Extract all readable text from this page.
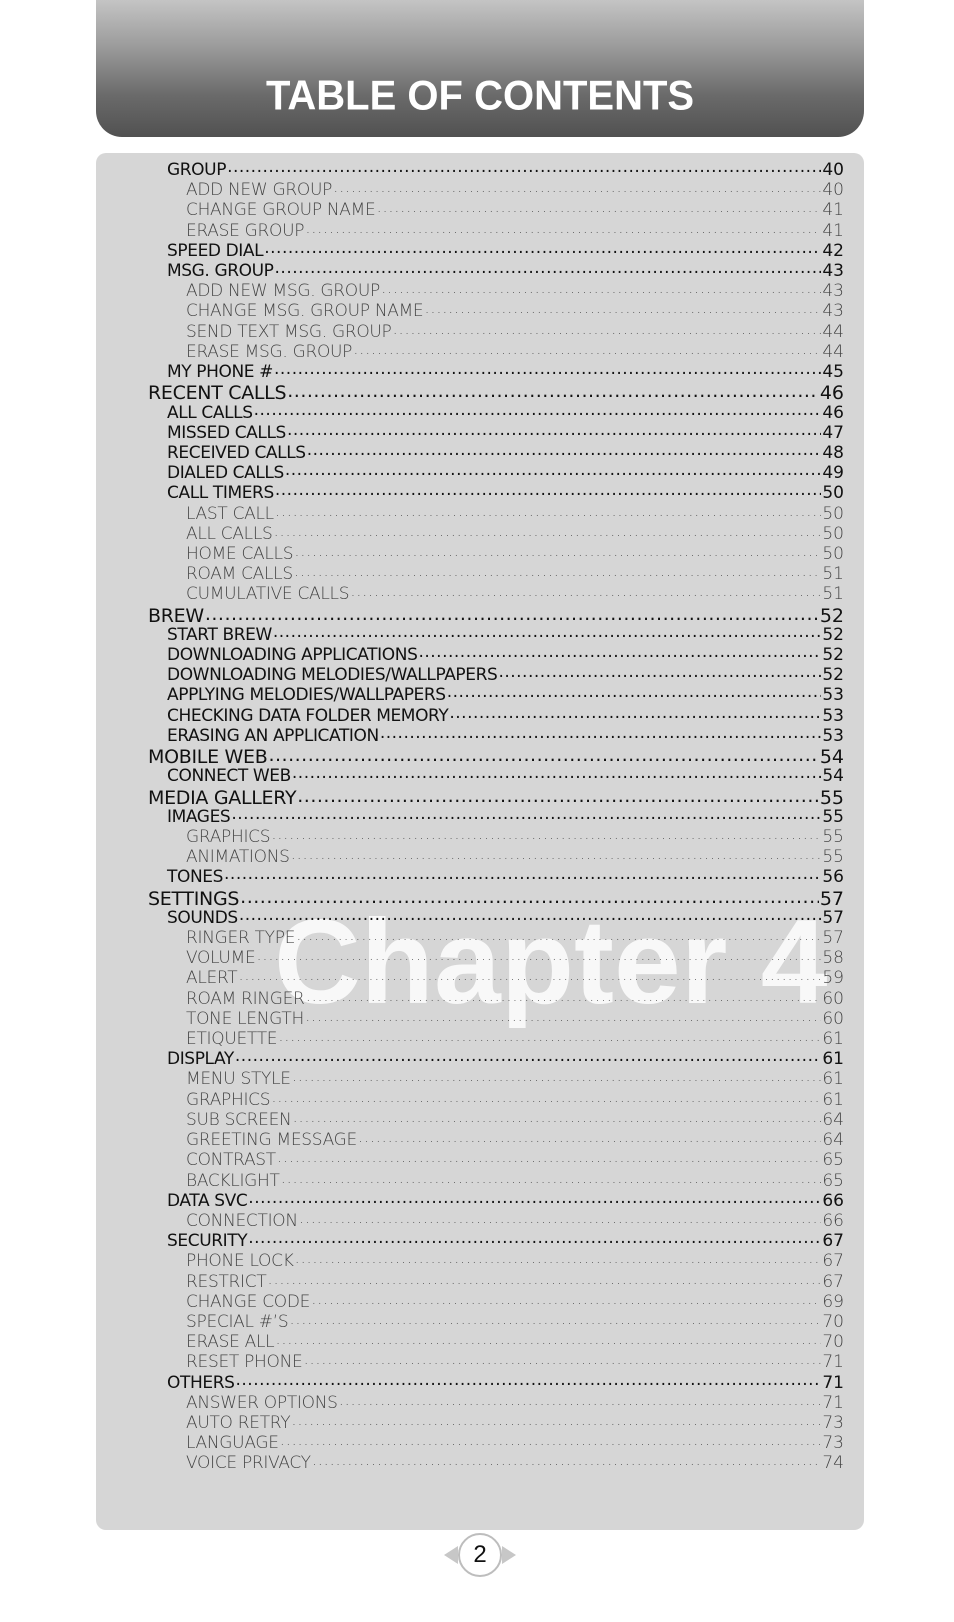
TABLE OF CONTENTS
Chapter 4
GROUP .....	40
ADD NEW GROUP .....	40
CHANGE GROUP NAME .....	41
ERASE GROUP .....	41
SPEED DIAL .....	42
MSG. GROUP .....	43
ADD NEW MSG. GROUP .....	43
CHANGE MSG. GROUP NAME .....	43
SEND TEXT MSG. GROUP .....	44
ERASE MSG. GROUP .....	44
MY PHONE # .....	45
RECENT CALLS .....	46
ALL CALLS .....	46
MISSED CALLS .....	47
RECEIVED CALLS .....	48
DIALED CALLS .....	49
CALL TIMERS .....	50
LAST CALL .....	50
ALL CALLS .....	50
HOME CALLS .....	50
ROAM CALLS .....	51
CUMULATIVE CALLS .....	51
BREW .....	52
START BREW .....	52
DOWNLOADING APPLICATIONS .....	52
DOWNLOADING MELODIES/WALLPAPERS .....	52
APPLYING MELODIES/WALLPAPERS .....	53
CHECKING DATA FOLDER MEMORY .....	53
ERASING AN APPLICATION .....	53
MOBILE WEB .....	54
CONNECT WEB .....	54
MEDIA GALLERY .....	55
IMAGES .....	55
GRAPHICS .....	55
ANIMATIONS .....	55
TONES .....	56
SETTINGS .....	57
SOUNDS .....	57
RINGER TYPE .....	57
VOLUME .....	58
ALERT .....	59
ROAM RINGER .....	60
TONE LENGTH .....	60
ETIQUETTE .....	61
DISPLAY .....	61
MENU STYLE .....	61
GRAPHICS .....	61
SUB SCREEN .....	64
GREETING MESSAGE .....	64
CONTRAST .....	65
BACKLIGHT .....	65
DATA SVC .....	66
CONNECTION .....	66
SECURITY .....	67
PHONE LOCK .....	67
RESTRICT .....	67
CHANGE CODE .....	69
SPECIAL #’S .....	70
ERASE ALL .....	70
RESET PHONE .....	71
OTHERS .....	71
ANSWER OPTIONS .....	71
AUTO RETRY .....	73
LANGUAGE .....	73
VOICE PRIVACY .....	74
2
